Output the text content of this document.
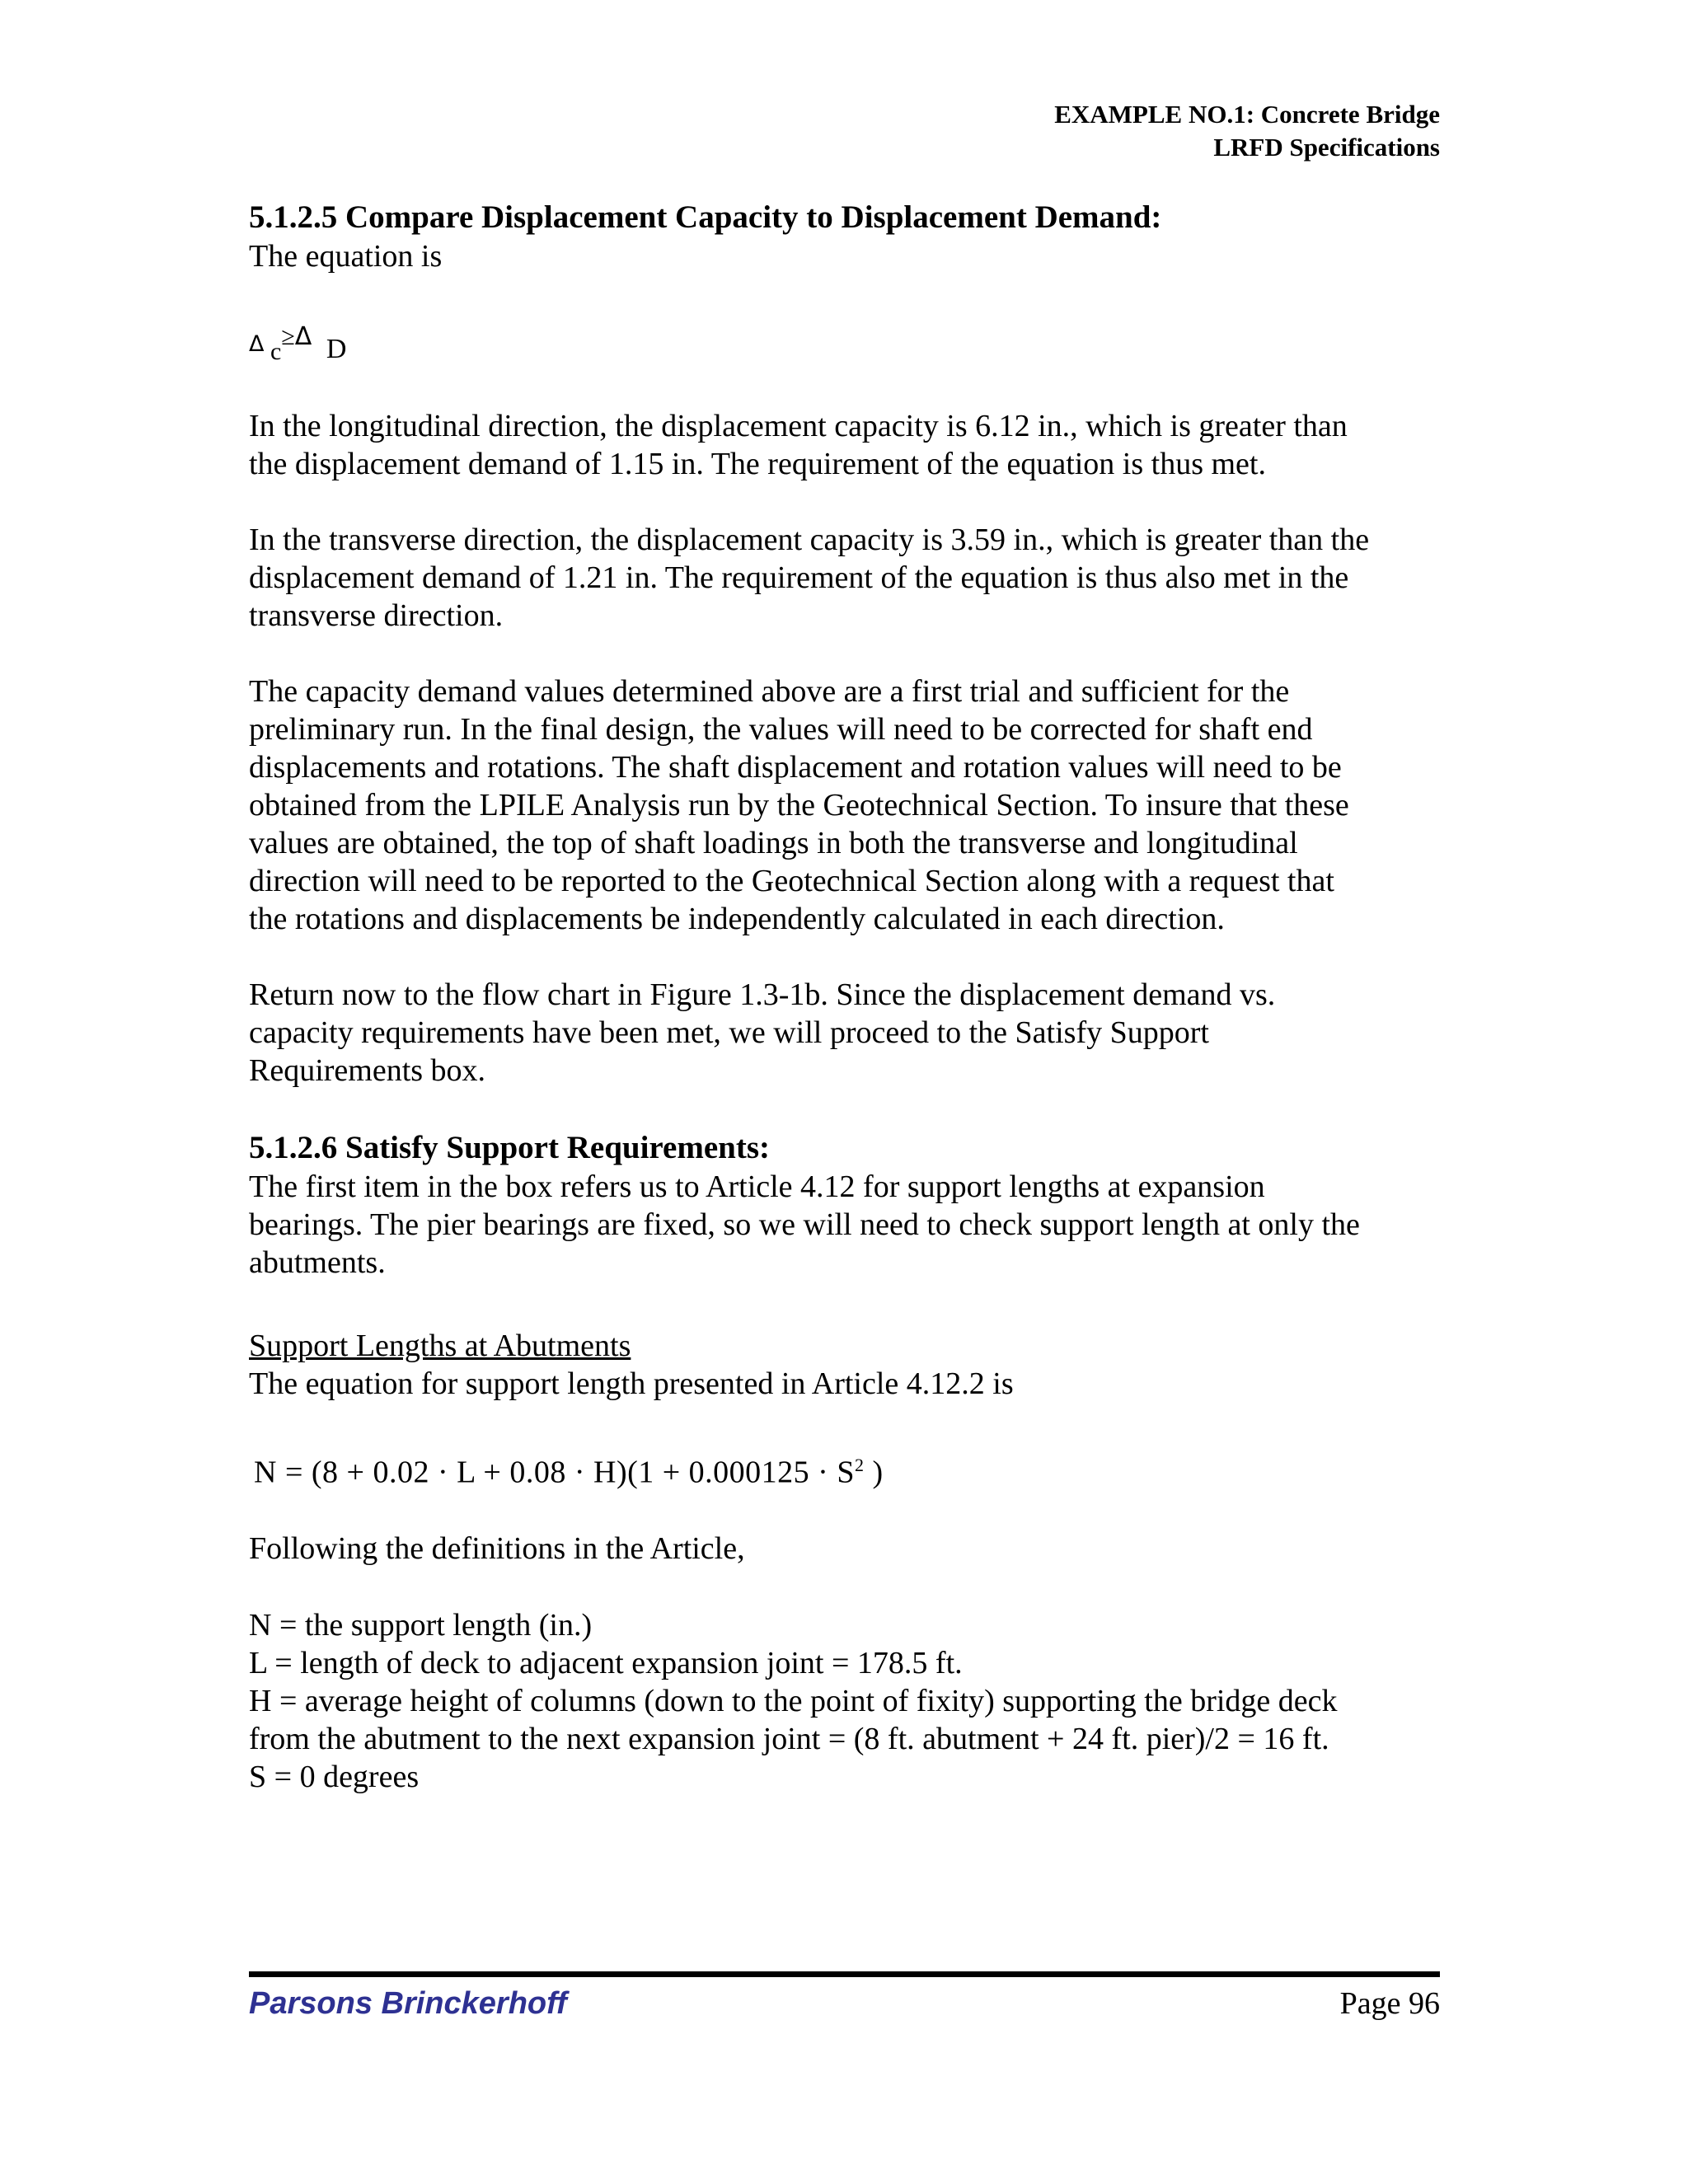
EXAMPLE NO.1: Concrete Bridge
LRFD Specifications
5.1.2.5 Compare Displacement Capacity to Displacement Demand:
The equation is
Δ c≥Δ D
In the longitudinal direction, the displacement capacity is 6.12 in., which is greater than
the displacement demand of 1.15 in. The requirement of the equation is thus met.
In the transverse direction, the displacement capacity is 3.59 in., which is greater than the
displacement demand of 1.21 in. The requirement of the equation is thus also met in the
transverse direction.
The capacity demand values determined above are a first trial and sufficient for the
preliminary run. In the final design, the values will need to be corrected for shaft end
displacements and rotations. The shaft displacement and rotation values will need to be
obtained from the LPILE Analysis run by the Geotechnical Section. To insure that these
values are obtained, the top of shaft loadings in both the transverse and longitudinal
direction will need to be reported to the Geotechnical Section along with a request that
the rotations and displacements be independently calculated in each direction.
Return now to the flow chart in Figure 1.3-1b. Since the displacement demand vs.
capacity requirements have been met, we will proceed to the Satisfy Support
Requirements box.
5.1.2.6 Satisfy Support Requirements:
The first item in the box refers us to Article 4.12 for support lengths at expansion
bearings. The pier bearings are fixed, so we will need to check support length at only the
abutments.
Support Lengths at Abutments
The equation for support length presented in Article 4.12.2 is
$N = (8 + 0.02 \cdot L + 0.08 \cdot H)(1 + 0.000125 \cdot S^2$ )
Following the definitions in the Article,
N = the support length (in.)
L = length of deck to adjacent expansion joint = 178.5 ft.
H = average height of columns (down to the point of fixity) supporting the bridge deck
from the abutment to the next expansion joint = (8 ft. abutment + 24 ft. pier)/2 = 16 ft.
S = 0 degrees
Parsons Brinckerhoff	Page 96
